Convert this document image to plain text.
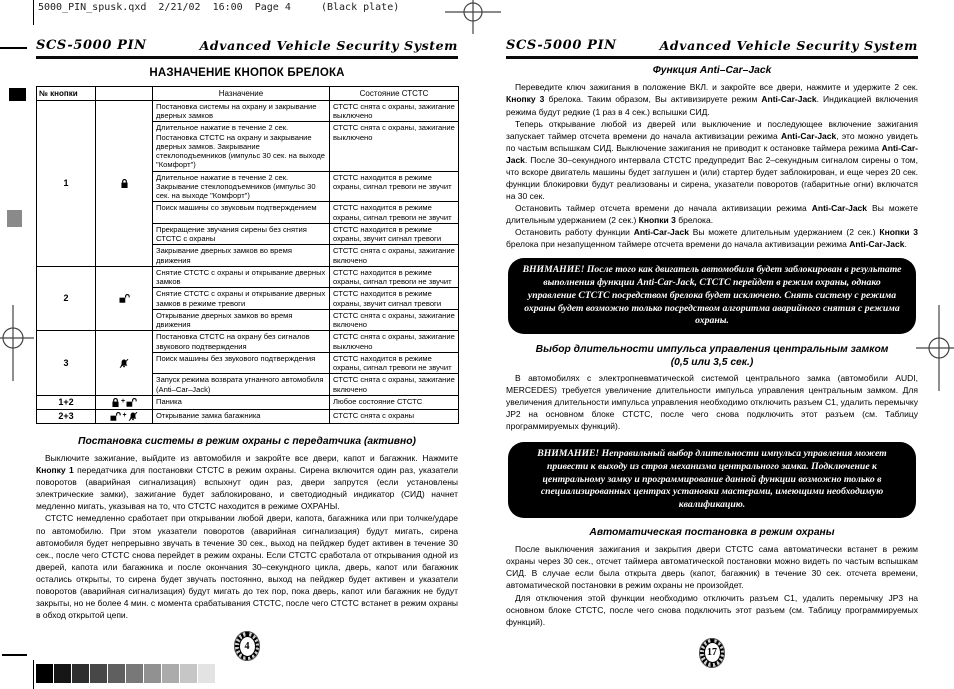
5000_PIN_spusk.qxd  2/21/02  16:00  Page 4     (Black plate)
SCS-5000 PIN	Advanced Vehicle Security System
НАЗНАЧЕНИЕ КНОПОК БРЕЛОКА
№ кнопки		Назначение	Состояние СТСТС
1		Постановка системы на охрану и закрывание дверных замков	СТСТС снята с охраны, зажигание выключено
		Длительное нажатие в течение 2 сек. Постановка СТСТС на охрану и закрывание дверных замков. Закрывание стеклоподъемников (импульс 30 сек. на выходе "Комфорт")	СТСТС снята с охраны, зажигание выключено
		Длительное нажатие в течение 2 сек. Закрывание стеклоподъемников (импульс 30 сек. на выходе "Комфорт")	СТСТС находится в режиме охраны, сигнал тревоги не звучит
		Поиск машины со звуковым подтверждением	СТСТС находится в режиме охраны, сигнал тревоги не звучит
		Прекращение звучания сирены без снятия СТСТС с охраны	СТСТС находится в режиме охраны, звучит сигнал тревоги
		Закрывание дверных замков во время движения	СТСТС снята с охраны, зажигание включено
2		Снятие СТСТС с охраны и открывание дверных замков	СТСТС находится в режиме охраны, сигнал тревоги не звучит
		Снятие СТСТС с охраны и открывание дверных замков в режиме тревоги	СТСТС находится в режиме охраны, звучит сигнал тревоги
		Открывание дверных замков во время движения	СТСТС снята с охраны, зажигание включено
3		Постановка СТСТС на охрану без сигналов звукового подтверждения	СТСТС снята с охраны, зажигание выключено
		Поиск машины без звукового подтверждения	СТСТС находится в режиме охраны, сигнал тревоги не звучит
		Запуск режима возврата угнанного автомобиля (Anti–Car–Jack)	СТСТС снята с охраны, зажигание включено
1+2	+	Паника	Любое состояние СТСТС
2+3	+	Открывание замка багажника	СТСТС снята с охраны
Постановка системы в режим охраны с передатчика (активно)

Выключите зажигание, выйдите из автомобиля и закройте все двери, капот и багажник. Нажмите Кнопку 1 передатчика для постановки СТСТС в режим охраны. Сирена включится один раз, указатели поворотов (аварийная сигнализация) вспыхнут один раз, двери запрутся (если установлены электрические замки), зажигание будет заблокировано, и светодиодный индикатор (СИД) начнет медленно мигать, указывая на то, что СТСТС находится в режиме ОХРАНЫ.

СТСТС немедленно сработает при открывании любой двери, капота, багажника или при толчке/ударе по автомобилю. При этом указатели поворотов (аварийная сигнализация) будут мигать, сирена автомобиля будет непрерывно звучать в течение 30 сек., выход на пейджер будет активен в течение 30 сек., после чего СТСТС снова перейдет в режим охраны. Если СТСТС сработала от открывания одной из дверей, капота или багажника и после окончания 30–секундного цикла, дверь, капот или багажник остались открыты, то сирена будет звучать постоянно, выход на пейджер будет активен и указатели поворотов (аварийная сигнализация) будут мигать до тех пор, пока дверь, капот или багажник не будут закрыты, но не более 4 мин. с момента срабатывания СТСТС, после чего СТСТС встанет в режим охраны в обход открытой цепи.

4
SCS-5000 PIN	Advanced Vehicle Security System
Функция Anti–Car–Jack

Переведите ключ зажигания в положение ВКЛ. и закройте все двери, нажмите и удержите 2 сек. Кнопку 3 брелока. Таким образом, Вы активизируете режим Anti-Car-Jack. Индикацией включения режима будут редкие (1 раз в 4 сек.) вспышки СИД.

Теперь открывание любой из дверей или выключение и последующее включение зажигания запускает таймер отсчета времени до начала активизации режима Anti-Car-Jack, это можно увидеть по частым вспышкам СИД. Выключение зажигания не приводит к остановке таймера режима Anti-Car-Jack. После 30–секундного интервала СТСТС предупредит Вас 2–секундным сигналом сирены о том, что вскоре двигатель машины будет заглушен и (или) стартер будет заблокирован, и еще через 20 сек. функции блокировки будут реализованы и сирена, указатели поворотов (габаритные огни) включатся на 30 сек.

Остановить таймер отсчета времени до начала активизации режима Anti-Car-Jack Вы можете длительным удержанием (2 сек.) Кнопки 3 брелока.

Остановить работу функции Anti-Car-Jack Вы можете длительным удержанием (2 сек.) Кнопки 3 брелока при незапущенном таймере отсчета времени до начала активизации режима Anti-Car-Jack.

ВНИМАНИЕ! После того как двигатель автомобиля будет заблокирован в результате выполнения функции Anti-Car-Jack, СТСТС перейдет в режим охраны, однако управление СТСТС посредством брелока будет исключено. Снять систему с режима охраны будет возможно только посредством алгоритма аварийного снятия с режима охраны.
Выбор длительности импульса управления центральным замком
(0,5 или 3,5 сек.)

В автомобилях с электропневматической системой центрального замка (автомобили AUDI, MERCEDES) требуется увеличение длительности импульса управления центральным замком. Для увеличения длительности импульса управления необходимо отключить разъем С1, удалить перемычку JP2 на основном блоке СТСТС, после чего снова подключить этот разъем (см. Таблицу программируемых функций).

ВНИМАНИЕ! Неправильный выбор длительности импульса управления может привести к выходу из строя механизма центрального замка. Подключение к центральному замку и программирование данной функции возможно только в специализированных центрах установки мастерами, имеющими необходимую квалификацию.
Автоматическая постановка в режим охраны

После выключения зажигания и закрытия двери СТСТС сама автоматически встанет в режим охраны через 30 сек., отсчет таймера автоматической постановки можно видеть по частым вспышкам СИД. В случае если была открыта дверь (капот, багажник) в течение 30 сек. отсчета времени, автоматической постановки в режим охраны не произойдет.

Для отключения этой функции необходимо отключить разъем С1, удалить перемычку JP3 на основном блоке СТСТС, после чего снова подключить этот разъем (см. Таблицу программируемых функций).

17
